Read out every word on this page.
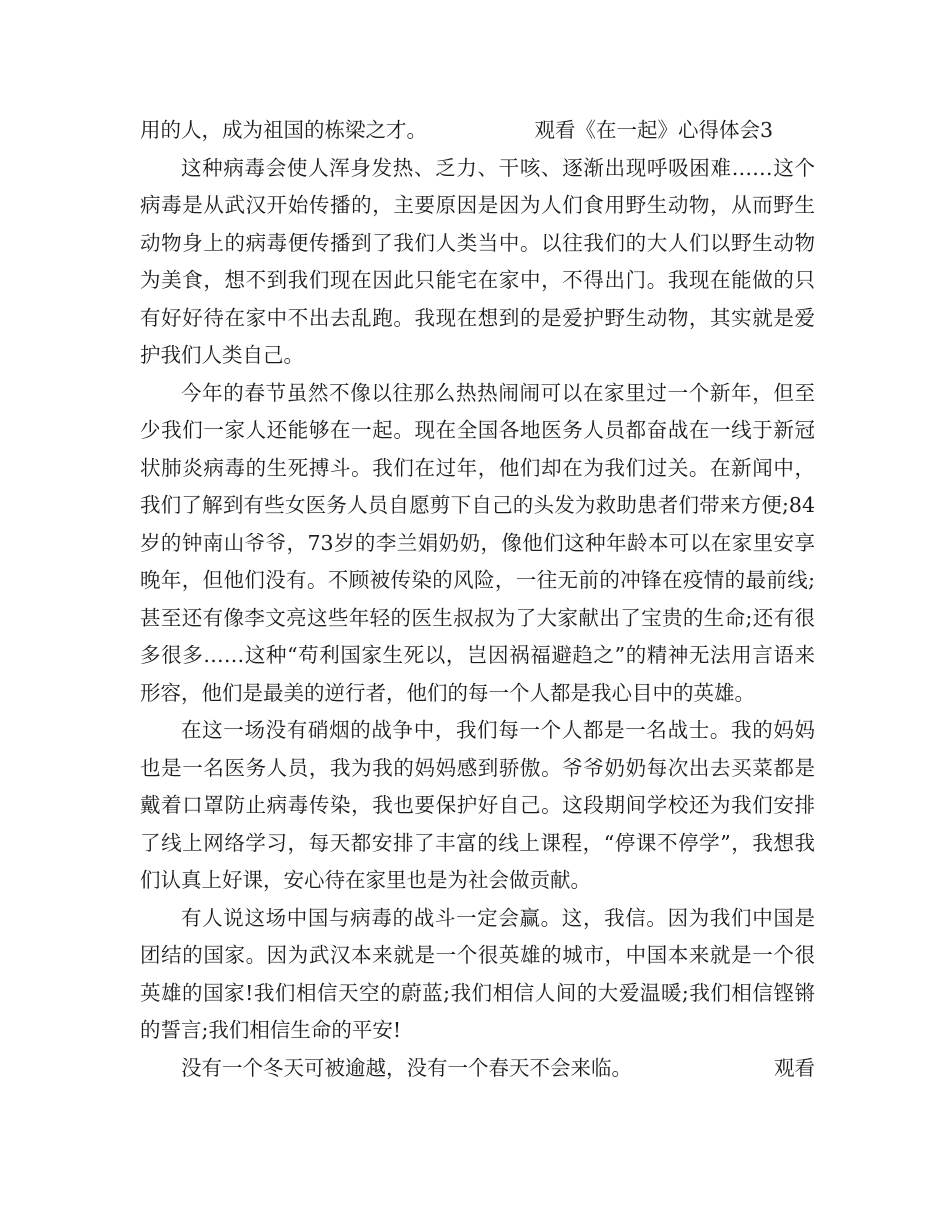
用的人，成为祖国的栋梁之才。	观看《在一起》心得体会3

这种病毒会使人浑身发热、乏力、干咳、逐渐出现呼吸困难……这个病毒是从武汉开始传播的，主要原因是因为人们食用野生动物，从而野生动物身上的病毒便传播到了我们人类当中。以往我们的大人们以野生动物为美食，想不到我们现在因此只能宅在家中，不得出门。我现在能做的只有好好待在家中不出去乱跑。我现在想到的是爱护野生动物，其实就是爱护我们人类自己。

今年的春节虽然不像以往那么热热闹闹可以在家里过一个新年，但至少我们一家人还能够在一起。现在全国各地医务人员都奋战在一线于新冠状肺炎病毒的生死搏斗。我们在过年，他们却在为我们过关。在新闻中，我们了解到有些女医务人员自愿剪下自己的头发为救助患者们带来方便;84岁的钟南山爷爷，73岁的李兰娟奶奶，像他们这种年龄本可以在家里安享晚年，但他们没有。不顾被传染的风险，一往无前的冲锋在疫情的最前线;甚至还有像李文亮这些年轻的医生叔叔为了大家献出了宝贵的生命;还有很多很多……这种“苟利国家生死以，岂因祸福避趋之”的精神无法用言语来形容，他们是最美的逆行者，他们的每一个人都是我心目中的英雄。

在这一场没有硝烟的战争中，我们每一个人都是一名战士。我的妈妈也是一名医务人员，我为我的妈妈感到骄傲。爷爷奶奶每次出去买菜都是戴着口罩防止病毒传染，我也要保护好自己。这段期间学校还为我们安排了线上网络学习，每天都安排了丰富的线上课程，“停课不停学”，我想我们认真上好课，安心待在家里也是为社会做贡献。

有人说这场中国与病毒的战斗一定会赢。这，我信。因为我们中国是团结的国家。因为武汉本来就是一个很英雄的城市，中国本来就是一个很英雄的国家!我们相信天空的蔚蓝;我们相信人间的大爱温暖;我们相信铿锵的誓言;我们相信生命的平安!

没有一个冬天可被逾越，没有一个春天不会来临。	观看
